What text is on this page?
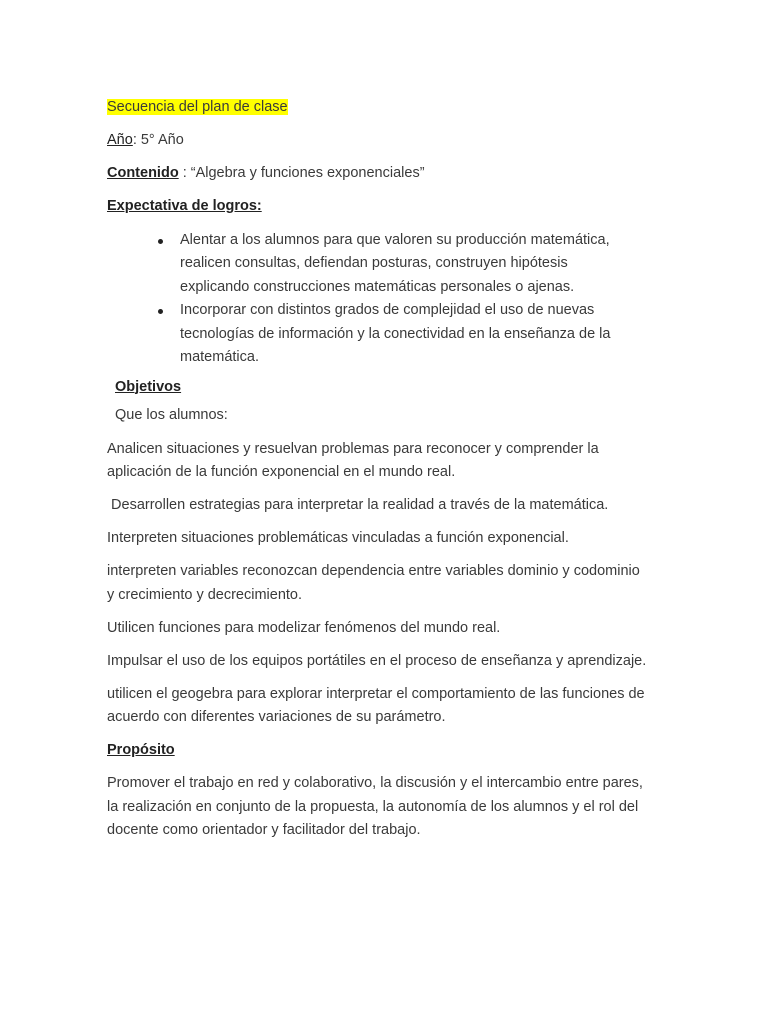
Secuencia del plan de clase

Año: 5° Año

Contenido : “Algebra y funciones exponenciales”

Expectativa de logros:

Alentar a los alumnos para que valoren su producción matemática, realicen consultas, defiendan posturas, construyen hipótesis explicando construcciones matemáticas personales o ajenas.
Incorporar con distintos grados de complejidad el uso de nuevas tecnologías de información y la conectividad en la enseñanza de la matemática.

Objetivos

Que los alumnos:

Analicen situaciones y resuelvan problemas para reconocer y comprender la aplicación de la función exponencial en el mundo real.

Desarrollen estrategias para interpretar la realidad a través de la matemática.

Interpreten situaciones problemáticas vinculadas a función exponencial.

interpreten variables reconozcan dependencia entre variables dominio y codominio y crecimiento y decrecimiento.

Utilicen funciones para modelizar fenómenos del mundo real.

Impulsar el uso de los equipos portátiles en el proceso de enseñanza y aprendizaje.

utilicen el geogebra para explorar interpretar el comportamiento de las funciones de acuerdo con diferentes variaciones de su parámetro.

Propósito

Promover el trabajo en red y colaborativo, la discusión y el intercambio entre pares, la realización en conjunto de la propuesta, la autonomía de los alumnos y el rol del docente como orientador y facilitador del trabajo.
